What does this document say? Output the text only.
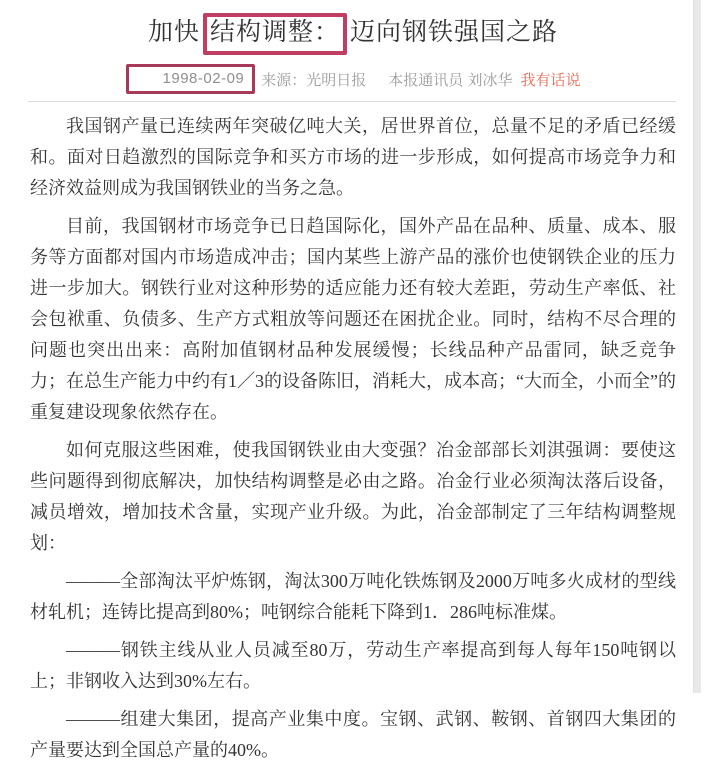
加快 结构调整： 迈向钢铁强国之路
1998-02-09	来源：光明日报 本报通讯员 刘冰华 我有话说

我国钢产量已连续两年突破亿吨大关，居世界首位，总量不足的矛盾已经缓和。面对日趋激烈的国际竞争和买方市场的进一步形成，如何提高市场竞争力和经济效益则成为我国钢铁业的当务之急。

目前，我国钢材市场竞争已日趋国际化，国外产品在品种、质量、成本、服务等方面都对国内市场造成冲击；国内某些上游产品的涨价也使钢铁企业的压力进一步加大。钢铁行业对这种形势的适应能力还有较大差距，劳动生产率低、社会包袱重、负债多、生产方式粗放等问题还在困扰企业。同时，结构不尽合理的问题也突出出来：高附加值钢材品种发展缓慢；长线品种产品雷同，缺乏竞争力；在总生产能力中约有1／3的设备陈旧，消耗大，成本高；“大而全，小而全”的重复建设现象依然存在。

如何克服这些困难，使我国钢铁业由大变强？冶金部部长刘淇强调：要使这些问题得到彻底解决，加快结构调整是必由之路。冶金行业必须淘汰落后设备，减员增效，增加技术含量，实现产业升级。为此，冶金部制定了三年结构调整规划：

———全部淘汰平炉炼钢，淘汰300万吨化铁炼钢及2000万吨多火成材的型线材轧机；连铸比提高到80%；吨钢综合能耗下降到1．286吨标准煤。

———钢铁主线从业人员减至80万，劳动生产率提高到每人每年150吨钢以上；非钢收入达到30%左右。

———组建大集团，提高产业集中度。宝钢、武钢、鞍钢、首钢四大集团的产量要达到全国总产量的40%。
